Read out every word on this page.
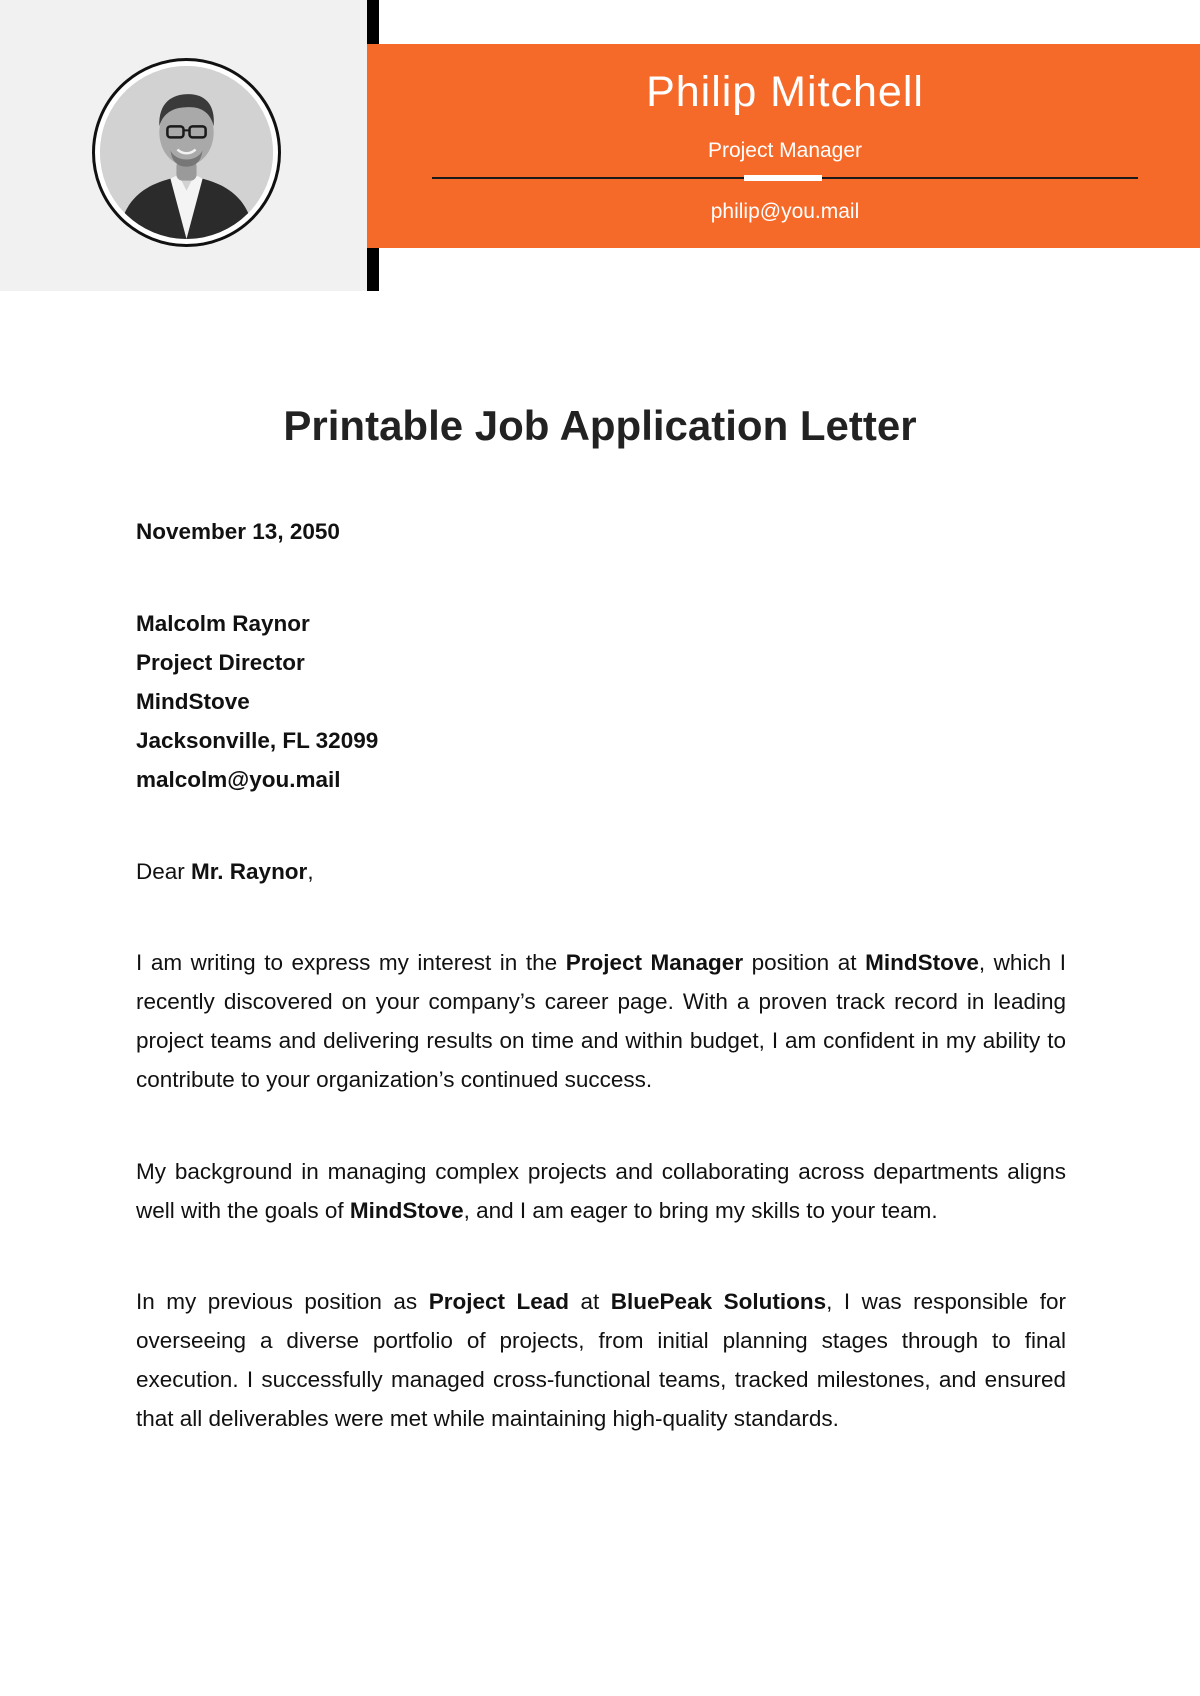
Philip Mitchell
Project Manager
philip@you.mail
Printable Job Application Letter
November 13, 2050
Malcolm Raynor
Project Director
MindStove
Jacksonville, FL 32099
malcolm@you.mail
Dear Mr. Raynor,
I am writing to express my interest in the Project Manager position at MindStove, which I recently discovered on your company’s career page. With a proven track record in leading project teams and delivering results on time and within budget, I am confident in my ability to contribute to your organization’s continued success.
My background in managing complex projects and collaborating across departments aligns well with the goals of MindStove, and I am eager to bring my skills to your team.
In my previous position as Project Lead at BluePeak Solutions, I was responsible for overseeing a diverse portfolio of projects, from initial planning stages through to final execution. I successfully managed cross-functional teams, tracked milestones, and ensured that all deliverables were met while maintaining high-quality standards.
